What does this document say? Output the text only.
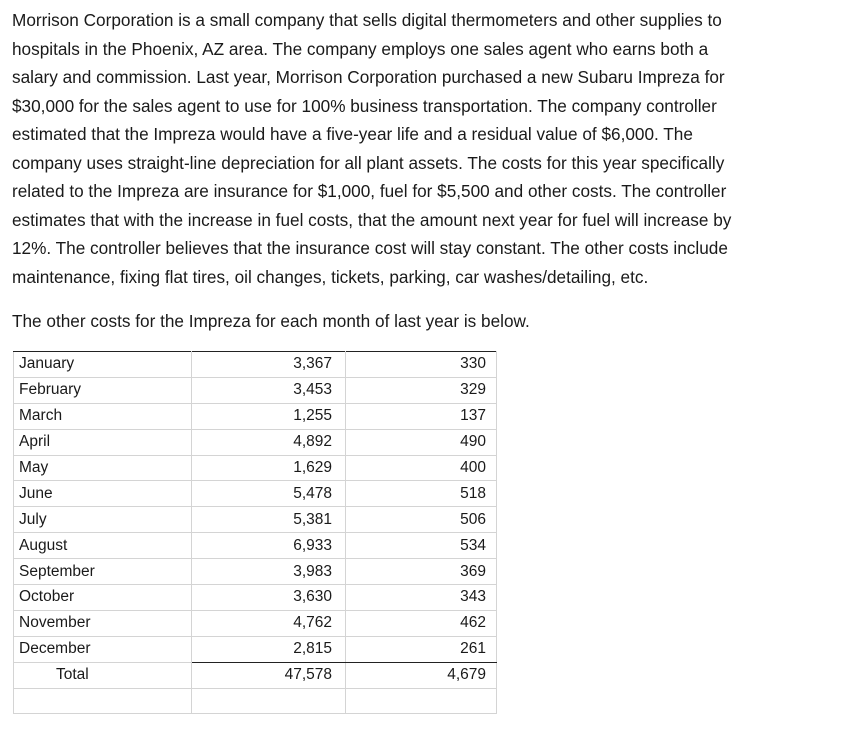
Morrison Corporation is a small company that sells digital thermometers and other supplies to
hospitals in the Phoenix, AZ area. The company employs one sales agent who earns both a
salary and commission. Last year, Morrison Corporation purchased a new Subaru Impreza for
$30,000 for the sales agent to use for 100% business transportation. The company controller
estimated that the Impreza would have a five-year life and a residual value of $6,000. The
company uses straight-line depreciation for all plant assets. The costs for this year specifically
related to the Impreza are insurance for $1,000, fuel for $5,500 and other costs. The controller
estimates that with the increase in fuel costs, that the amount next year for fuel will increase by
12%. The controller believes that the insurance cost will stay constant. The other costs include
maintenance, fixing flat tires, oil changes, tickets, parking, car washes/detailing, etc.

The other costs for the Impreza for each month of last year is below.

January	3,367	330
February	3,453	329
March	1,255	137
April	4,892	490
May	1,629	400
June	5,478	518
July	5,381	506
August	6,933	534
September	3,983	369
October	3,630	343
November	4,762	462
December	2,815	261
Total	47,578	4,679
